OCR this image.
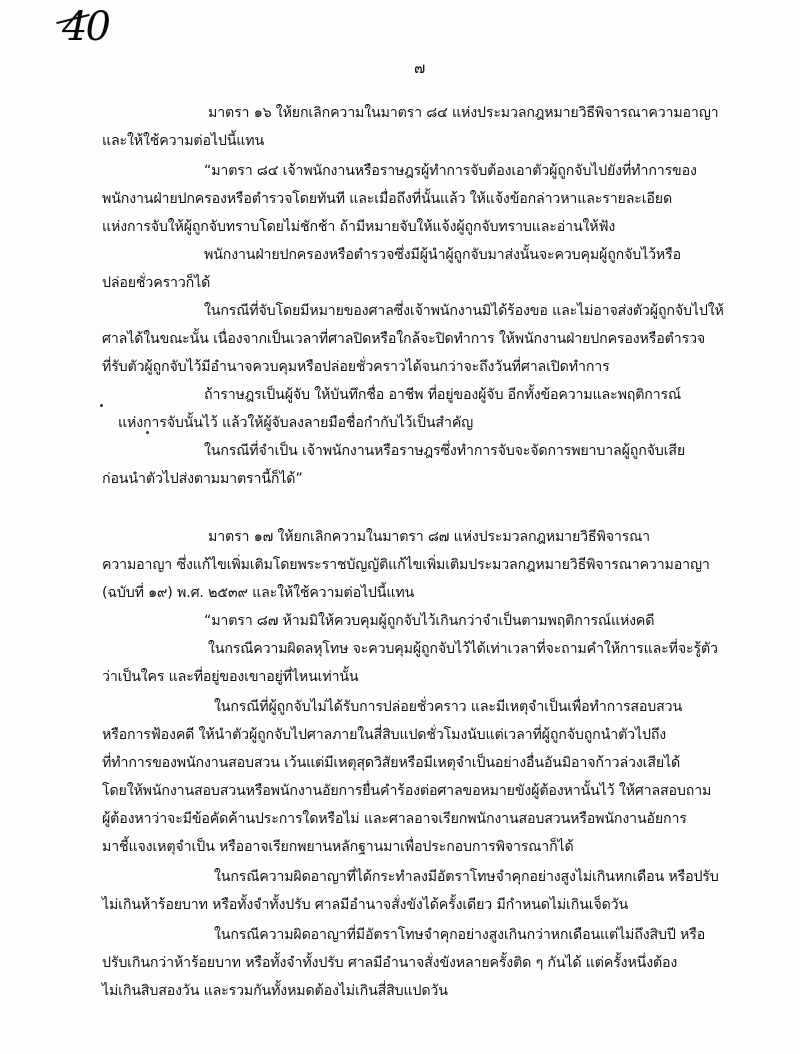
40
๗
มาตรา ๑๖ ให้ยกเลิกความในมาตรา ๘๔ แห่งประมวลกฎหมายวิธีพิจารณาความอาญา
และให้ใช้ความต่อไปนี้แทน
“มาตรา ๘๔ เจ้าพนักงานหรือราษฎรผู้ทำการจับต้องเอาตัวผู้ถูกจับไปยังที่ทำการของ
พนักงานฝ่ายปกครองหรือตำรวจโดยทันที และเมื่อถึงที่นั้นแล้ว ให้แจ้งข้อกล่าวหาและรายละเอียด
แห่งการจับให้ผู้ถูกจับทราบโดยไม่ชักช้า ถ้ามีหมายจับให้แจ้งผู้ถูกจับทราบและอ่านให้ฟัง
พนักงานฝ่ายปกครองหรือตำรวจซึ่งมีผู้นำผู้ถูกจับมาส่งนั้นจะควบคุมผู้ถูกจับไว้หรือ
ปล่อยชั่วคราวก็ได้
ในกรณีที่จับโดยมีหมายของศาลซึ่งเจ้าพนักงานมิได้ร้องขอ และไม่อาจส่งตัวผู้ถูกจับไปให้
ศาลได้ในขณะนั้น เนื่องจากเป็นเวลาที่ศาลปิดหรือใกล้จะปิดทำการ ให้พนักงานฝ่ายปกครองหรือตำรวจ
ที่รับตัวผู้ถูกจับไว้มีอำนาจควบคุมหรือปล่อยชั่วคราวได้จนกว่าจะถึงวันที่ศาลเปิดทำการ
ถ้าราษฎรเป็นผู้จับ ให้บันทึกชื่อ อาชีพ ที่อยู่ของผู้จับ อีกทั้งข้อความและพฤติการณ์
แห่งการจับนั้นไว้ แล้วให้ผู้จับลงลายมือชื่อกำกับไว้เป็นสำคัญ
ในกรณีที่จำเป็น เจ้าพนักงานหรือราษฎรซึ่งทำการจับจะจัดการพยาบาลผู้ถูกจับเสีย
ก่อนนำตัวไปส่งตามมาตรานี้ก็ได้”
มาตรา ๑๗ ให้ยกเลิกความในมาตรา ๘๗ แห่งประมวลกฎหมายวิธีพิจารณา
ความอาญา ซึ่งแก้ไขเพิ่มเติมโดยพระราชบัญญัติแก้ไขเพิ่มเติมประมวลกฎหมายวิธีพิจารณาความอาญา
(ฉบับที่ ๑๙) พ.ศ. ๒๕๓๙ และให้ใช้ความต่อไปนี้แทน
“มาตรา ๘๗ ห้ามมิให้ควบคุมผู้ถูกจับไว้เกินกว่าจำเป็นตามพฤติการณ์แห่งคดี
ในกรณีความผิดลหุโทษ จะควบคุมผู้ถูกจับไว้ได้เท่าเวลาที่จะถามคำให้การและที่จะรู้ตัว
ว่าเป็นใคร และที่อยู่ของเขาอยู่ที่ไหนเท่านั้น
ในกรณีที่ผู้ถูกจับไม่ได้รับการปล่อยชั่วคราว และมีเหตุจำเป็นเพื่อทำการสอบสวน
หรือการฟ้องคดี ให้นำตัวผู้ถูกจับไปศาลภายในสี่สิบแปดชั่วโมงนับแต่เวลาที่ผู้ถูกจับถูกนำตัวไปถึง
ที่ทำการของพนักงานสอบสวน เว้นแต่มีเหตุสุดวิสัยหรือมีเหตุจำเป็นอย่างอื่นอันมิอาจก้าวล่วงเสียได้
โดยให้พนักงานสอบสวนหรือพนักงานอัยการยื่นคำร้องต่อศาลขอหมายขังผู้ต้องหานั้นไว้ ให้ศาลสอบถาม
ผู้ต้องหาว่าจะมีข้อคัดค้านประการใดหรือไม่ และศาลอาจเรียกพนักงานสอบสวนหรือพนักงานอัยการ
มาชี้แจงเหตุจำเป็น หรืออาจเรียกพยานหลักฐานมาเพื่อประกอบการพิจารณาก็ได้
ในกรณีความผิดอาญาที่ได้กระทำลงมีอัตราโทษจำคุกอย่างสูงไม่เกินหกเดือน หรือปรับ
ไม่เกินห้าร้อยบาท หรือทั้งจำทั้งปรับ ศาลมีอำนาจสั่งขังได้ครั้งเดียว มีกำหนดไม่เกินเจ็ดวัน
ในกรณีความผิดอาญาที่มีอัตราโทษจำคุกอย่างสูงเกินกว่าหกเดือนแต่ไม่ถึงสิบปี หรือ
ปรับเกินกว่าห้าร้อยบาท หรือทั้งจำทั้งปรับ ศาลมีอำนาจสั่งขังหลายครั้งติด ๆ กันได้ แต่ครั้งหนึ่งต้อง
ไม่เกินสิบสองวัน และรวมกันทั้งหมดต้องไม่เกินสี่สิบแปดวัน
